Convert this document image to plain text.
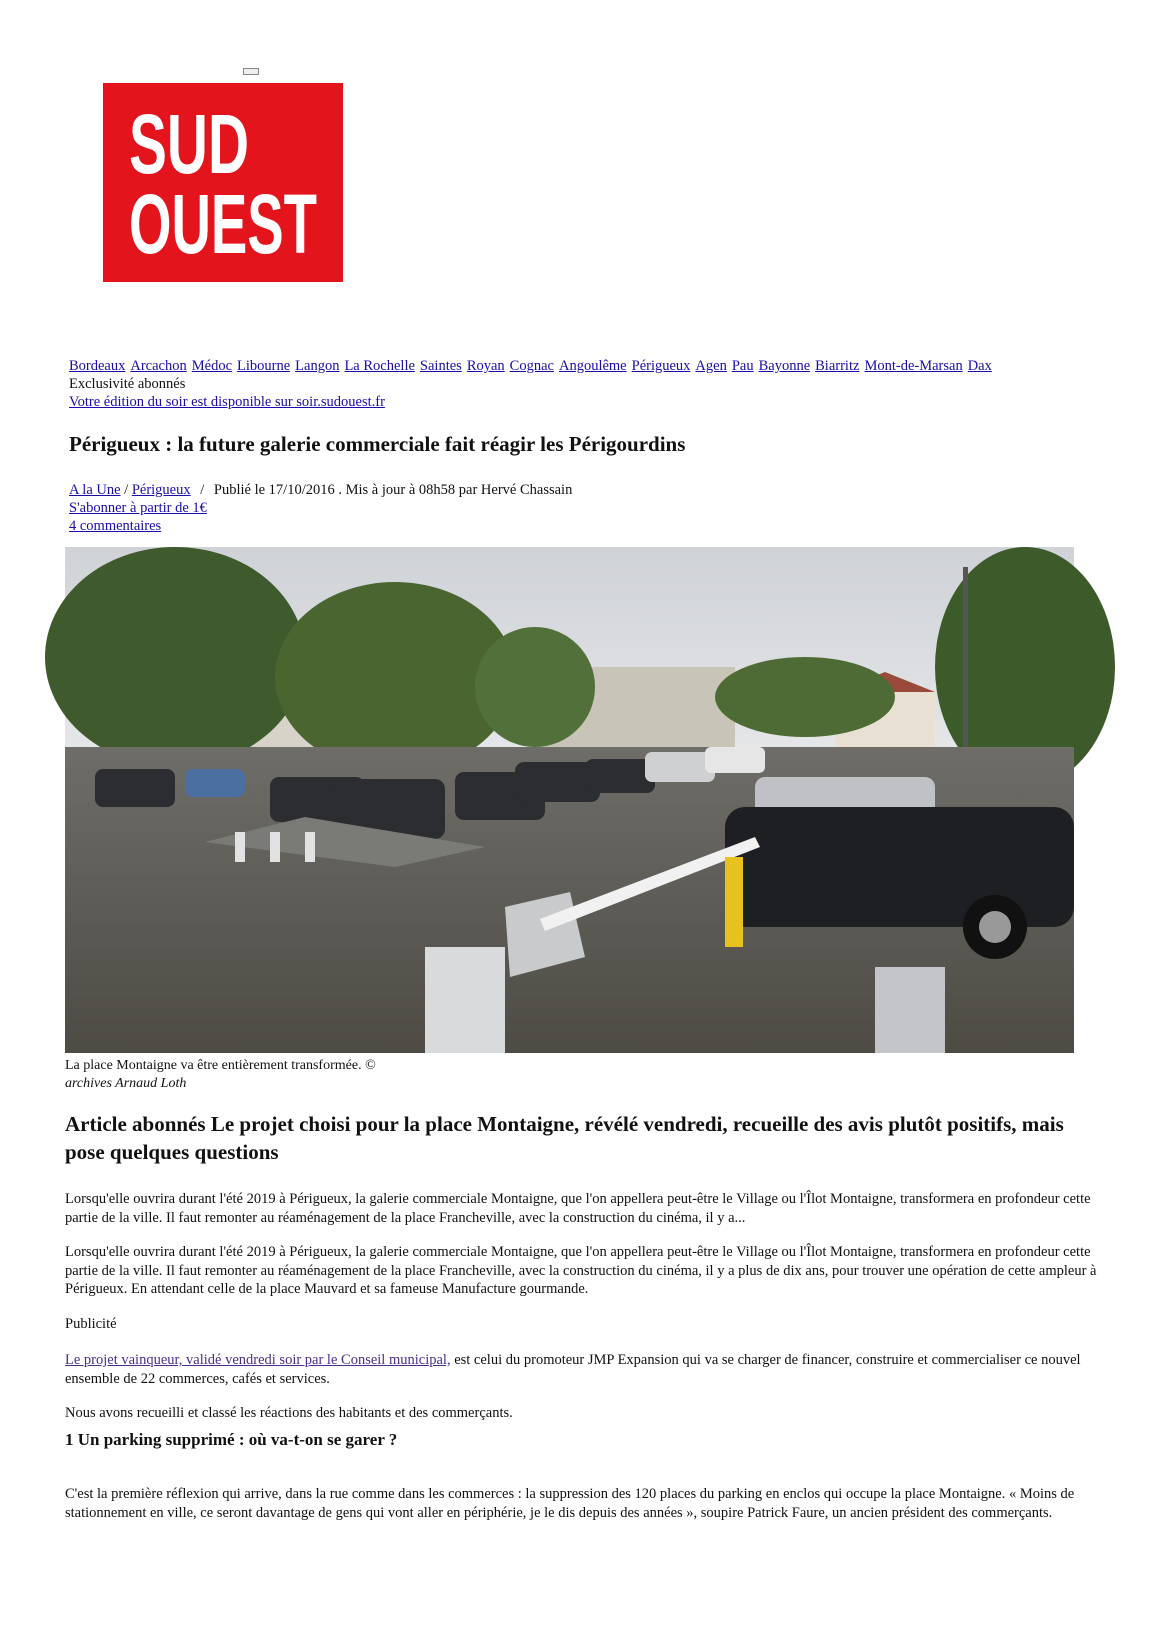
SUD
OUEST
Bordeaux Arcachon Médoc Libourne Langon La Rochelle Saintes Royan Cognac Angoulême Périgueux Agen Pau Bayonne Biarritz Mont-de-Marsan Dax
Exclusivité abonnés
Votre édition du soir est disponible sur soir.sudouest.fr
Périgueux : la future galerie commerciale fait réagir les Périgourdins
A la Une / Périgueux / Publié le 17/10/2016 . Mis à jour à 08h58 par Hervé Chassain
S'abonner à partir de 1€
4 commentaires
La place Montaigne va être entièrement transformée. ©
archives Arnaud Loth
Article abonnés Le projet choisi pour la place Montaigne, révélé vendredi, recueille des avis plutôt positifs, mais pose quelques questions
Lorsqu'elle ouvrira durant l'été 2019 à Périgueux, la galerie commerciale Montaigne, que l'on appellera peut-être le Village ou l'Îlot Montaigne, transformera en profondeur cette partie de la ville. Il faut remonter au réaménagement de la place Francheville, avec la construction du cinéma, il y a...
Lorsqu'elle ouvrira durant l'été 2019 à Périgueux, la galerie commerciale Montaigne, que l'on appellera peut-être le Village ou l'Îlot Montaigne, transformera en profondeur cette partie de la ville. Il faut remonter au réaménagement de la place Francheville, avec la construction du cinéma, il y a plus de dix ans, pour trouver une opération de cette ampleur à Périgueux. En attendant celle de la place Mauvard et sa fameuse Manufacture gourmande.
Publicité
Le projet vainqueur, validé vendredi soir par le Conseil municipal, est celui du promoteur JMP Expansion qui va se charger de financer, construire et commercialiser ce nouvel ensemble de 22 commerces, cafés et services.
Nous avons recueilli et classé les réactions des habitants et des commerçants.
1 Un parking supprimé : où va-t-on se garer ?
C'est la première réflexion qui arrive, dans la rue comme dans les commerces : la suppression des 120 places du parking en enclos qui occupe la place Montaigne. « Moins de stationnement en ville, ce seront davantage de gens qui vont aller en périphérie, je le dis depuis des années », soupire Patrick Faure, un ancien président des commerçants.
